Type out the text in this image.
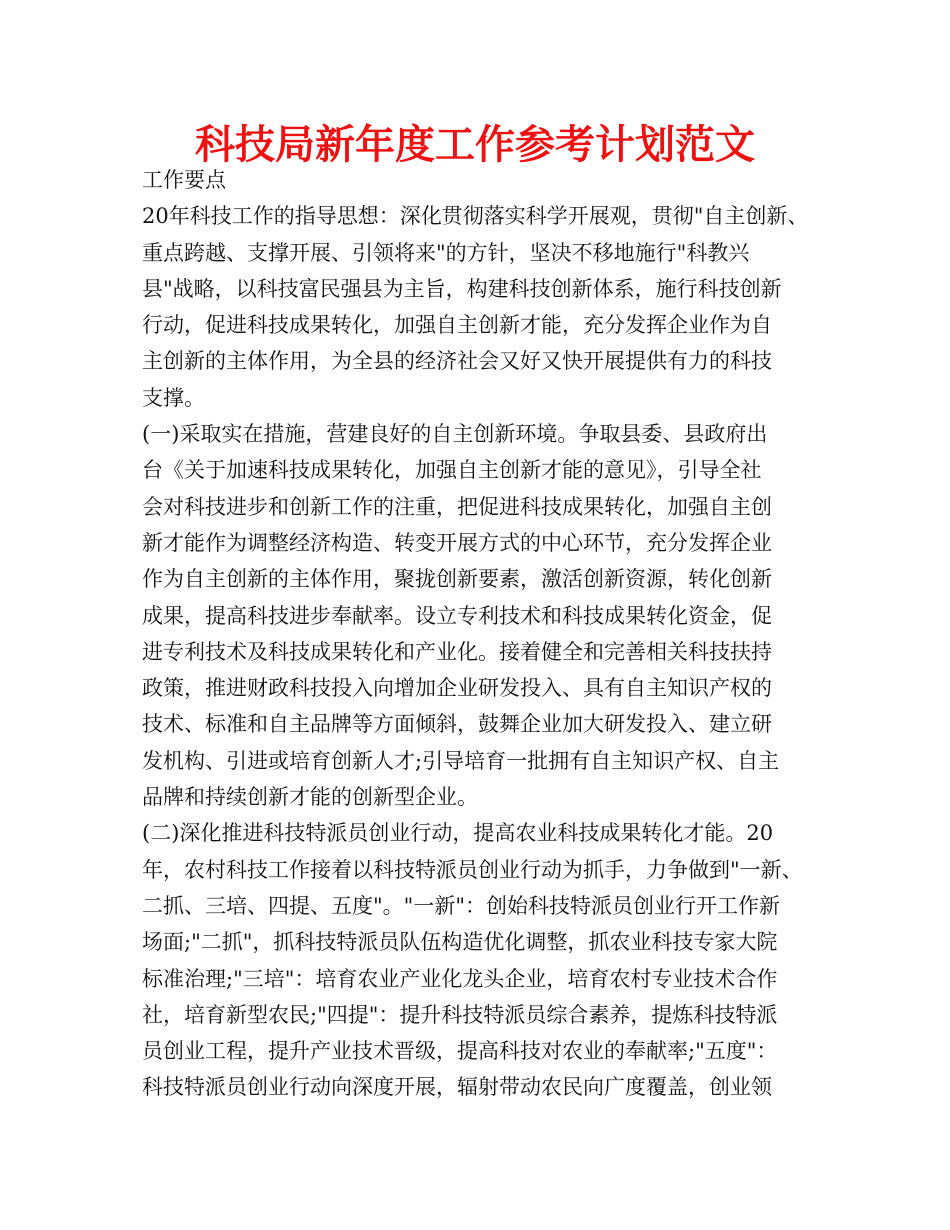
科技局新年度工作参考计划范文
工作要点
20年科技工作的指导思想：深化贯彻落实科学开展观，贯彻"自主创新、
重点跨越、支撑开展、引领将来"的方针，坚决不移地施行"科教兴
县"战略，以科技富民强县为主旨，构建科技创新体系，施行科技创新
行动，促进科技成果转化，加强自主创新才能，充分发挥企业作为自
主创新的主体作用，为全县的经济社会又好又快开展提供有力的科技
支撑。
(一)采取实在措施，营建良好的自主创新环境。争取县委、县政府出
台《关于加速科技成果转化，加强自主创新才能的意见》，引导全社
会对科技进步和创新工作的注重，把促进科技成果转化，加强自主创
新才能作为调整经济构造、转变开展方式的中心环节，充分发挥企业
作为自主创新的主体作用，聚拢创新要素，激活创新资源，转化创新
成果，提高科技进步奉献率。设立专利技术和科技成果转化资金，促
进专利技术及科技成果转化和产业化。接着健全和完善相关科技扶持
政策，推进财政科技投入向增加企业研发投入、具有自主知识产权的
技术、标准和自主品牌等方面倾斜，鼓舞企业加大研发投入、建立研
发机构、引进或培育创新人才;引导培育一批拥有自主知识产权、自主
品牌和持续创新才能的创新型企业。
(二)深化推进科技特派员创业行动，提高农业科技成果转化才能。20
年，农村科技工作接着以科技特派员创业行动为抓手，力争做到"一新、
二抓、三培、四提、五度"。"一新"：创始科技特派员创业行开工作新
场面;"二抓"，抓科技特派员队伍构造优化调整，抓农业科技专家大院
标准治理;"三培"：培育农业产业化龙头企业，培育农村专业技术合作
社，培育新型农民;"四提"：提升科技特派员综合素养，提炼科技特派
员创业工程，提升产业技术晋级，提高科技对农业的奉献率;"五度"：
科技特派员创业行动向深度开展，辐射带动农民向广度覆盖，创业领
